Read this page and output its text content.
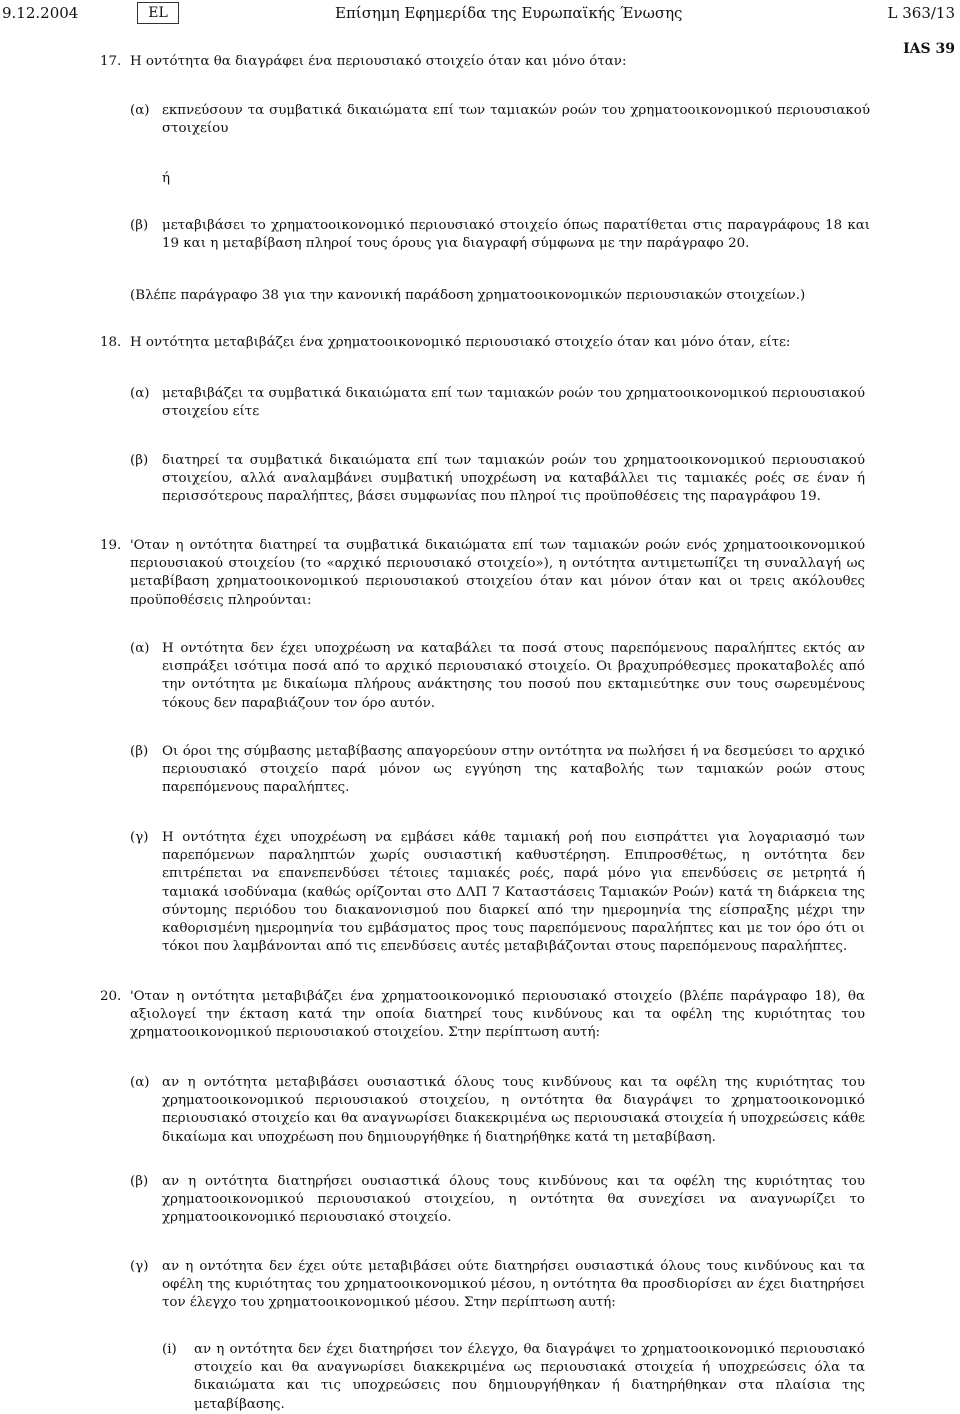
9.12.2004	EL	Επίσημη Εφημερίδα της Ευρωπαϊκής Ένωσης	L 363/13
IAS 39
17. Η οντότητα θα διαγράφει ένα περιουσιακό στοιχείο όταν και μόνο όταν:

(α) εκπνεύσουν τα συμβατικά δικαιώματα επί των ταμιακών ροών του χρηματοοικονομικού περιουσιακού στοιχείου

ή

(β) μεταβιβάσει το χρηματοοικονομικό περιουσιακό στοιχείο όπως παρατίθεται στις παραγράφους 18 και 19 και η μεταβίβαση πληροί τους όρους για διαγραφή σύμφωνα με την παράγραφο 20.

(Βλέπε παράγραφο 38 για την κανονική παράδοση χρηματοοικονομικών περιουσιακών στοιχείων.)

18. Η οντότητα μεταβιβάζει ένα χρηματοοικονομικό περιουσιακό στοιχείο όταν και μόνο όταν, είτε:

(α) μεταβιβάζει τα συμβατικά δικαιώματα επί των ταμιακών ροών του χρηματοοικονομικού περιουσιακού στοιχείου είτε

(β) διατηρεί τα συμβατικά δικαιώματα επί των ταμιακών ροών του χρηματοοικονομικού περιουσιακού στοιχείου, αλλά αναλαμβάνει συμβατική υποχρέωση να καταβάλλει τις ταμιακές ροές σε έναν ή περισσότερους παραλήπτες, βάσει συμφωνίας που πληροί τις προϋποθέσεις της παραγράφου 19.

19. 'Οταν η οντότητα διατηρεί τα συμβατικά δικαιώματα επί των ταμιακών ροών ενός χρηματοοικονομικού περιουσιακού στοιχείου (το «αρχικό περιουσιακό στοιχείο»), η οντότητα αντιμετωπίζει τη συναλλαγή ως μεταβίβαση χρηματοοικονομικού περιουσιακού στοιχείου όταν και μόνον όταν και οι τρεις ακόλουθες προϋποθέσεις πληρούνται:

(α) Η οντότητα δεν έχει υποχρέωση να καταβάλει τα ποσά στους παρεπόμενους παραλήπτες εκτός αν εισπράξει ισότιμα ποσά από το αρχικό περιουσιακό στοιχείο. Οι βραχυπρόθεσμες προκαταβολές από την οντότητα με δικαίωμα πλήρους ανάκτησης του ποσού που εκταμιεύτηκε συν τους σωρευμένους τόκους δεν παραβιάζουν τον όρο αυτόν.

(β) Οι όροι της σύμβασης μεταβίβασης απαγορεύουν στην οντότητα να πωλήσει ή να δεσμεύσει το αρχικό περιουσιακό στοιχείο παρά μόνον ως εγγύηση της καταβολής των ταμιακών ροών στους παρεπόμενους παραλήπτες.

(γ) Η οντότητα έχει υποχρέωση να εμβάσει κάθε ταμιακή ροή που εισπράττει για λογαριασμό των παρεπόμενων παραληπτών χωρίς ουσιαστική καθυστέρηση. Επιπροσθέτως, η οντότητα δεν επιτρέπεται να επανεπενδύσει τέτοιες ταμιακές ροές, παρά μόνο για επενδύσεις σε μετρητά ή ταμιακά ισοδύναμα (καθώς ορίζονται στο ΔΛΠ 7 Καταστάσεις Ταμιακών Ροών) κατά τη διάρκεια της σύντομης περιόδου του διακανονισμού που διαρκεί από την ημερομηνία της είσπραξης μέχρι την καθορισμένη ημερομηνία του εμβάσματος προς τους παρεπόμενους παραλήπτες και με τον όρο ότι οι τόκοι που λαμβάνονται από τις επενδύσεις αυτές μεταβιβάζονται στους παρεπόμενους παραλήπτες.

20. 'Οταν η οντότητα μεταβιβάζει ένα χρηματοοικονομικό περιουσιακό στοιχείο (βλέπε παράγραφο 18), θα αξιολογεί την έκταση κατά την οποία διατηρεί τους κινδύνους και τα οφέλη της κυριότητας του χρηματοοικονομικού περιουσιακού στοιχείου. Στην περίπτωση αυτή:

(α) αν η οντότητα μεταβιβάσει ουσιαστικά όλους τους κινδύνους και τα οφέλη της κυριότητας του χρηματοοικονομικού περιουσιακού στοιχείου, η οντότητα θα διαγράψει το χρηματοοικονομικό περιουσιακό στοιχείο και θα αναγνωρίσει διακεκριμένα ως περιουσιακά στοιχεία ή υποχρεώσεις κάθε δικαίωμα και υποχρέωση που δημιουργήθηκε ή διατηρήθηκε κατά τη μεταβίβαση.

(β) αν η οντότητα διατηρήσει ουσιαστικά όλους τους κινδύνους και τα οφέλη της κυριότητας του χρηματοοικονομικού περιουσιακού στοιχείου, η οντότητα θα συνεχίσει να αναγνωρίζει το χρηματοοικονομικό περιουσιακό στοιχείο.

(γ) αν η οντότητα δεν έχει ούτε μεταβιβάσει ούτε διατηρήσει ουσιαστικά όλους τους κινδύνους και τα οφέλη της κυριότητας του χρηματοοικονομικού μέσου, η οντότητα θα προσδιορίσει αν έχει διατηρήσει τον έλεγχο του χρηματοοικονομικού μέσου. Στην περίπτωση αυτή:

(i) αν η οντότητα δεν έχει διατηρήσει τον έλεγχο, θα διαγράψει το χρηματοοικονομικό περιουσιακό στοιχείο και θα αναγνωρίσει διακεκριμένα ως περιουσιακά στοιχεία ή υποχρεώσεις όλα τα δικαιώματα και τις υποχρεώσεις που δημιουργήθηκαν ή διατηρήθηκαν στα πλαίσια της μεταβίβασης.
